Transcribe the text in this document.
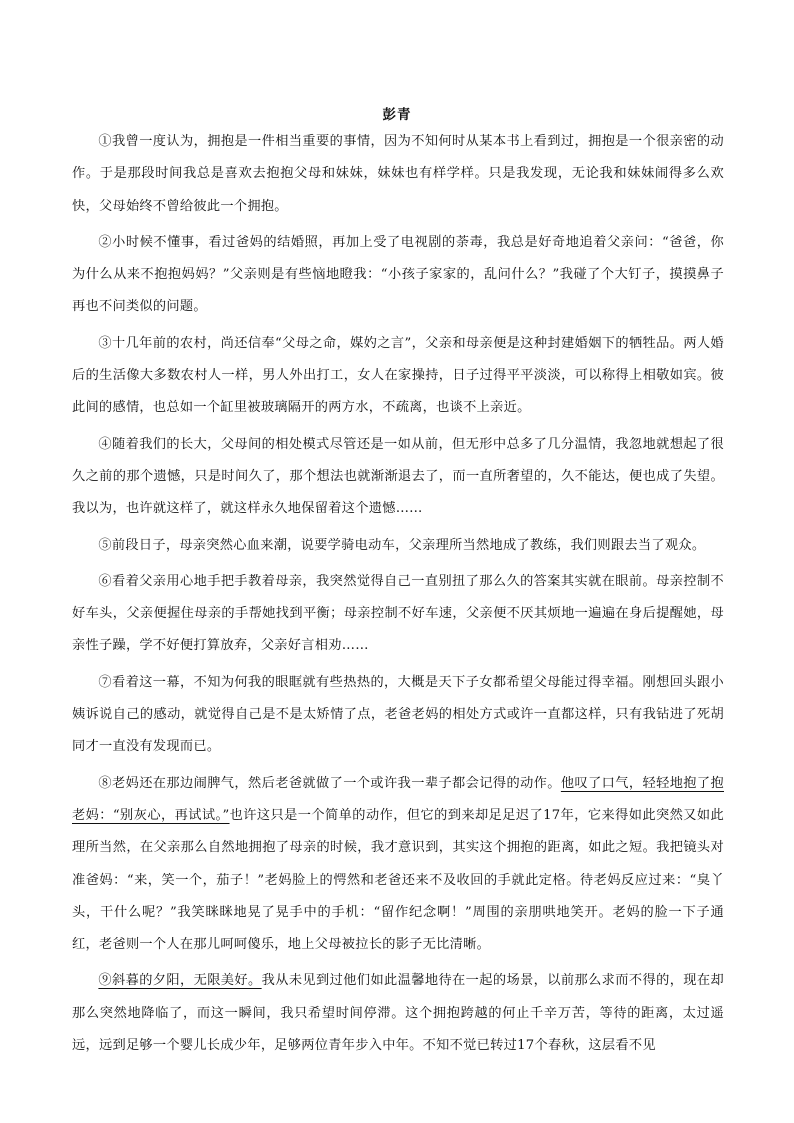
彭青

①我曾一度认为，拥抱是一件相当重要的事情，因为不知何时从某本书上看到过，拥抱是一个很亲密的动作。于是那段时间我总是喜欢去抱抱父母和妹妹，妹妹也有样学样。只是我发现，无论我和妹妹闹得多么欢快，父母始终不曾给彼此一个拥抱。

②小时候不懂事，看过爸妈的结婚照，再加上受了电视剧的荼毒，我总是好奇地追着父亲问：“爸爸，你为什么从来不抱抱妈妈？”父亲则是有些恼地瞪我：“小孩子家家的，乱问什么？”我碰了个大钉子，摸摸鼻子再也不问类似的问题。

③十几年前的农村，尚还信奉“父母之命，媒妁之言”，父亲和母亲便是这种封建婚姻下的牺牲品。两人婚后的生活像大多数农村人一样，男人外出打工，女人在家操持，日子过得平平淡淡，可以称得上相敬如宾。彼此间的感情，也总如一个缸里被玻璃隔开的两方水，不疏离，也谈不上亲近。

④随着我们的长大，父母间的相处模式尽管还是一如从前，但无形中总多了几分温情，我忽地就想起了很久之前的那个遗憾，只是时间久了，那个想法也就渐渐退去了，而一直所奢望的，久不能达，便也成了失望。我以为，也许就这样了，就这样永久地保留着这个遗憾……

⑤前段日子，母亲突然心血来潮，说要学骑电动车，父亲理所当然地成了教练，我们则跟去当了观众。

⑥看着父亲用心地手把手教着母亲，我突然觉得自己一直别扭了那么久的答案其实就在眼前。母亲控制不好车头，父亲便握住母亲的手帮她找到平衡；母亲控制不好车速，父亲便不厌其烦地一遍遍在身后提醒她，母亲性子躁，学不好便打算放弃，父亲好言相劝……

⑦看着这一幕，不知为何我的眼眶就有些热热的，大概是天下子女都希望父母能过得幸福。刚想回头跟小姨诉说自己的感动，就觉得自己是不是太矫情了点，老爸老妈的相处方式或许一直都这样，只有我钻进了死胡同才一直没有发现而已。

⑧老妈还在那边闹脾气，然后老爸就做了一个或许我一辈子都会记得的动作。他叹了口气，轻轻地抱了抱老妈：“别灰心，再试试。”也许这只是一个简单的动作，但它的到来却足足迟了17年，它来得如此突然又如此理所当然，在父亲那么自然地拥抱了母亲的时候，我才意识到，其实这个拥抱的距离，如此之短。我把镜头对准爸妈：“来，笑一个，茄子！”老妈脸上的愕然和老爸还来不及收回的手就此定格。待老妈反应过来：“臭丫头，干什么呢？”我笑眯眯地晃了晃手中的手机：“留作纪念啊！”周围的亲朋哄地笑开。老妈的脸一下子通红，老爸则一个人在那儿呵呵傻乐，地上父母被拉长的影子无比清晰。

⑨斜暮的夕阳，无限美好。我从未见到过他们如此温馨地待在一起的场景，以前那么求而不得的，现在却那么突然地降临了，而这一瞬间，我只希望时间停滞。这个拥抱跨越的何止千辛万苦，等待的距离，太过遥远，远到足够一个婴儿长成少年，足够两位青年步入中年。不知不觉已转过17个春秋，这层看不见
